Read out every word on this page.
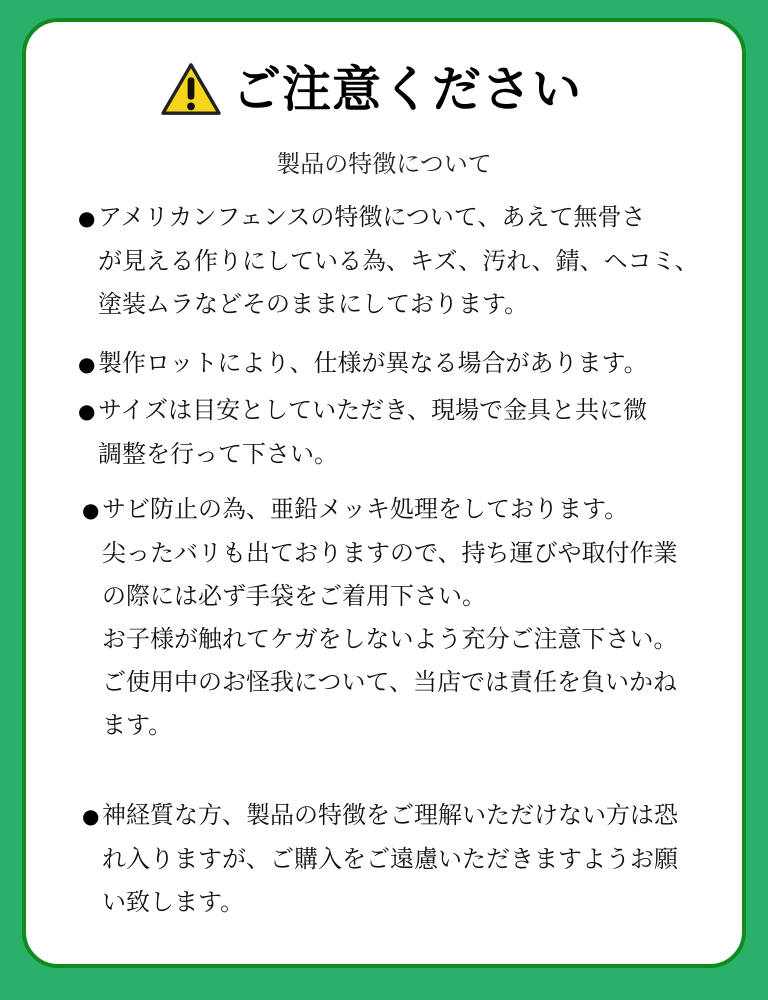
ご注意ください
製品の特徴について
● アメリカンフェンスの特徴について、あえて無骨さ
が見える作りにしている為、キズ、汚れ、錆、ヘコミ、
塗装ムラなどそのままにしております。
● 製作ロットにより、仕様が異なる場合があります。
● サイズは目安としていただき、現場で金具と共に微
調整を行って下さい。
● サビ防止の為、亜鉛メッキ処理をしております。
尖ったバリも出ておりますので、持ち運びや取付作業
の際には必ず手袋をご着用下さい。
お子様が触れてケガをしないよう充分ご注意下さい。
ご使用中のお怪我について、当店では責任を負いかね
ます。
● 神経質な方、製品の特徴をご理解いただけない方は恐
れ入りますが、ご購入をご遠慮いただきますようお願
い致します。
